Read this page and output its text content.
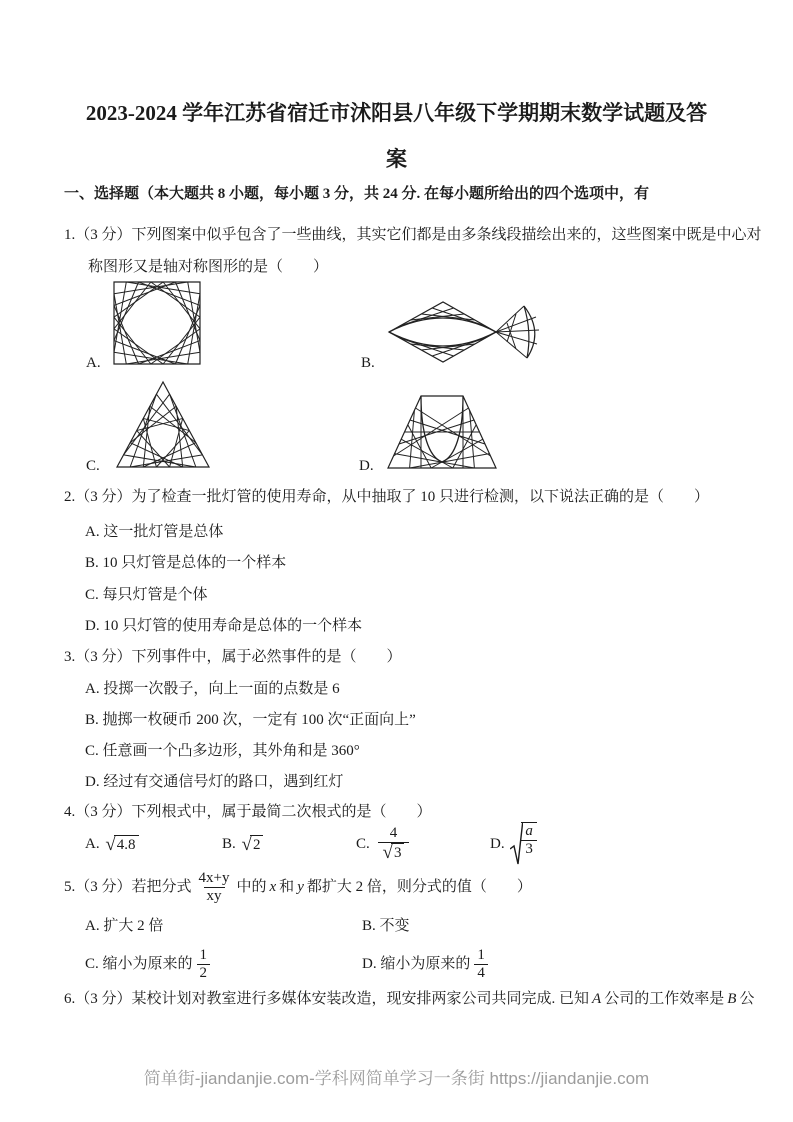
2023-2024 学年江苏省宿迁市沭阳县八年级下学期期末数学试题及答
案
一、选择题（本大题共 8 小题，每小题 3 分，共 24 分. 在每小题所给出的四个选项中，有
1.（3 分）下列图案中似乎包含了一些曲线，其实它们都是由多条线段描绘出来的，这些图案中既是中心对
称图形又是轴对称图形的是（　　）
A.	B.
C.	D.
2.（3 分）为了检查一批灯管的使用寿命，从中抽取了 10 只进行检测，以下说法正确的是（　　）
A. 这一批灯管是总体
B. 10 只灯管是总体的一个样本
C. 每只灯管是个体
D. 10 只灯管的使用寿命是总体的一个样本
3.（3 分）下列事件中，属于必然事件的是（　　）
A. 投掷一次骰子，向上一面的点数是 6
B. 抛掷一枚硬币 200 次，一定有 100 次“正面向上”
C. 任意画一个凸多边形，其外角和是 360°
D. 经过有交通信号灯的路口，遇到红灯
4.（3 分）下列根式中，属于最简二次根式的是（　　）
A.
√ 4.8	B.
√ 2	C.
$\frac{4}{√ 3}$	D.
$\frac{a}{3}$
5.（3 分）若把分式 $\frac{4x+y}{xy}$ 中的 x 和 y 都扩大 2 倍，则分式的值（　　）
A. 扩大 2 倍	B. 不变
C. 缩小为原来的 $\frac{1}{2}$	D. 缩小为原来的 $\frac{1}{4}$
6.（3 分）某校计划对教室进行多媒体安装改造，现安排两家公司共同完成. 已知 A 公司的工作效率是 B 公
简单街-jiandanjie.com-学科网简单学习一条街 https://jiandanjie.com
